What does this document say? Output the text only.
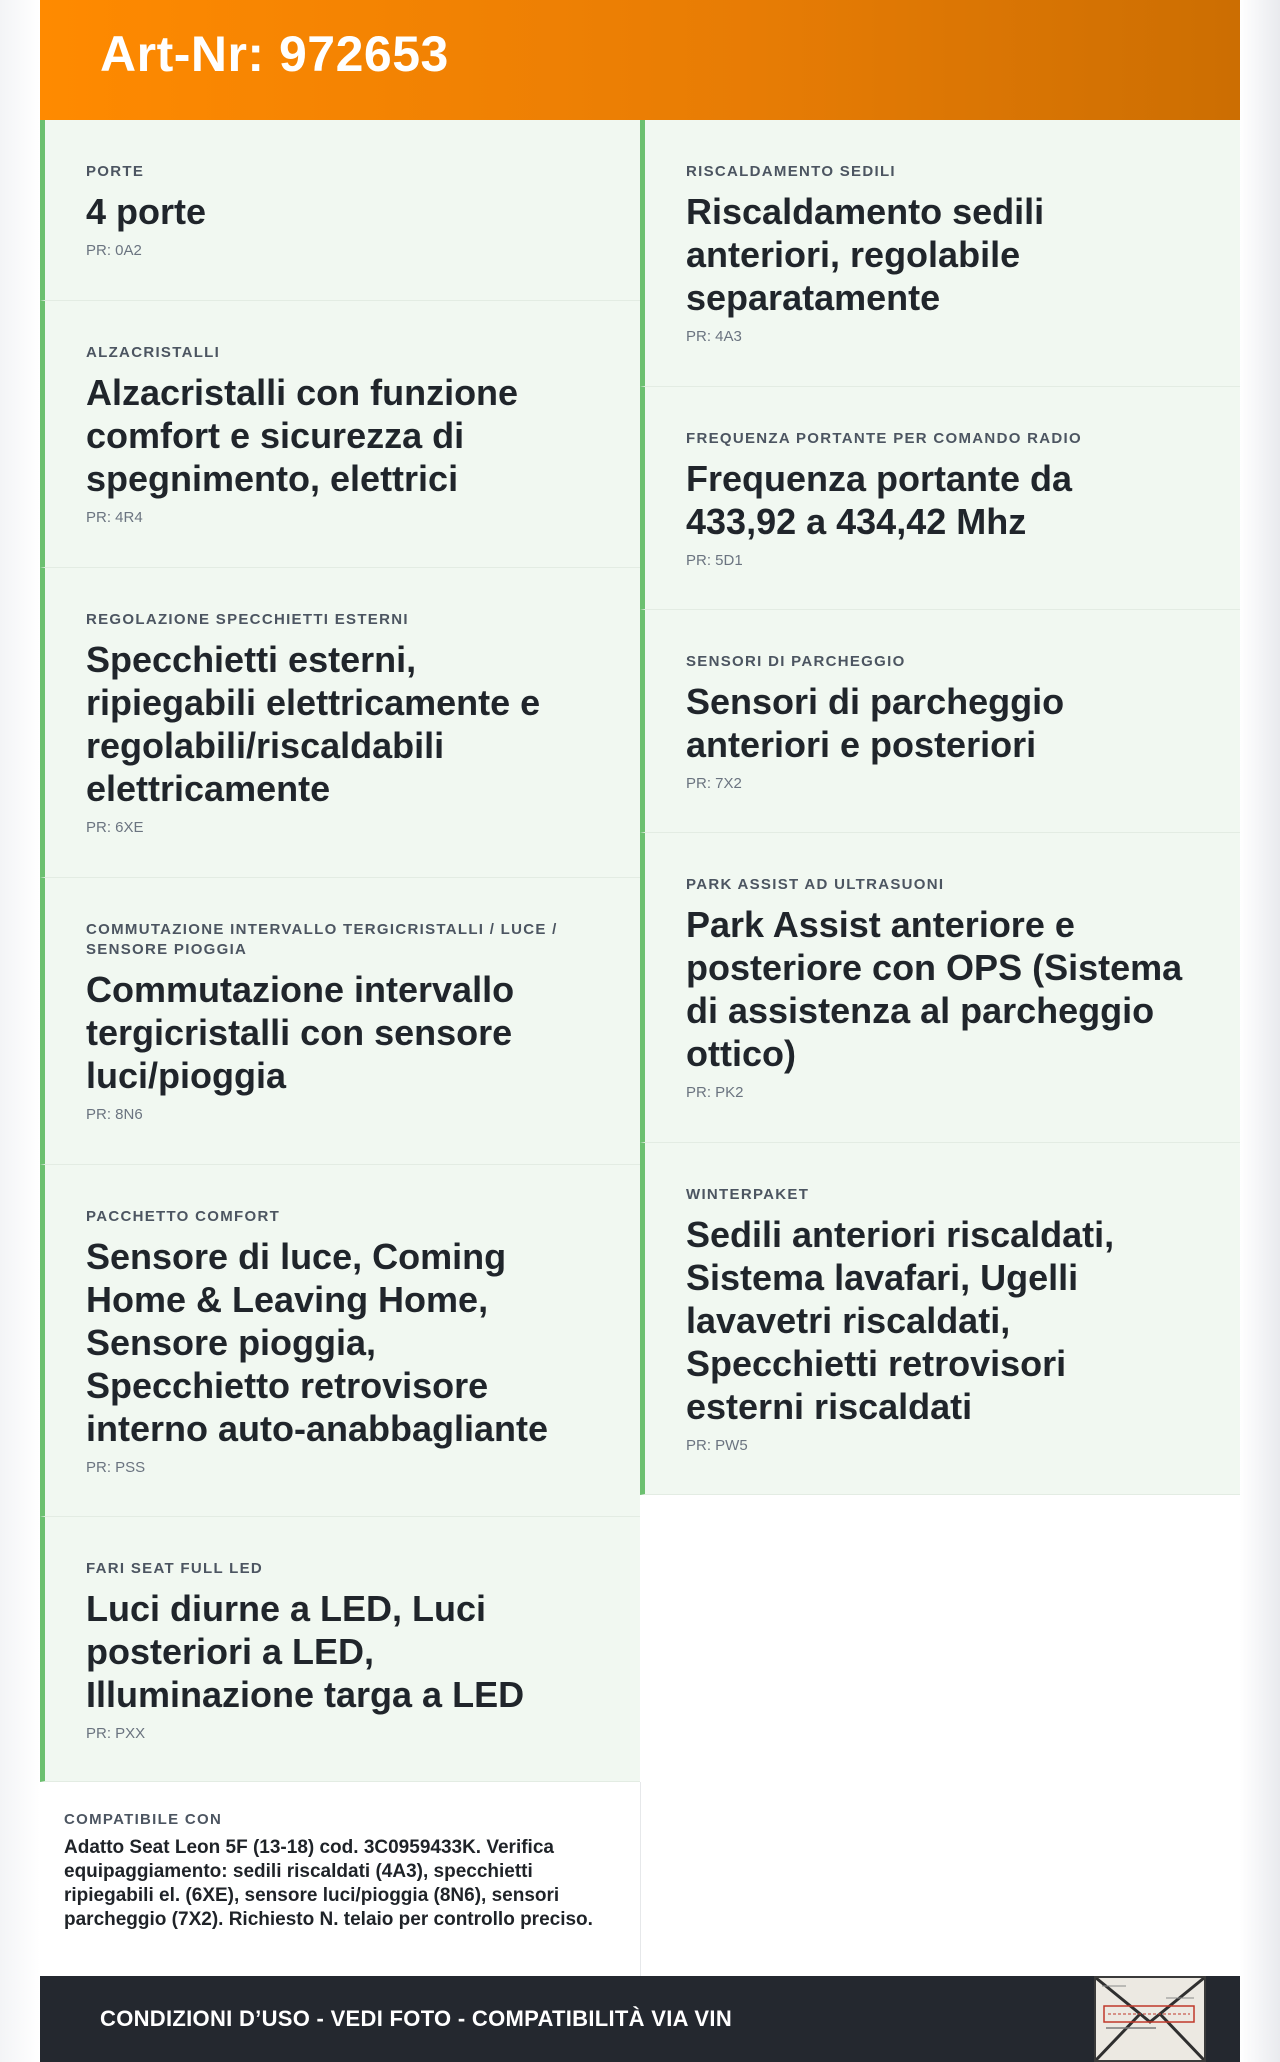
Art-Nr: 972653
PORTE
4 porte
PR: 0A2
ALZACRISTALLI
Alzacristalli con funzione comfort e sicurezza di spegnimento, elettrici
PR: 4R4
REGOLAZIONE SPECCHIETTI ESTERNI
Specchietti esterni, ripiegabili elettricamente e regolabili/riscaldabili elettricamente
PR: 6XE
COMMUTAZIONE INTERVALLO TERGICRISTALLI / LUCE / SENSORE PIOGGIA
Commutazione intervallo tergicristalli con sensore luci/pioggia
PR: 8N6
PACCHETTO COMFORT
Sensore di luce, Coming Home & Leaving Home, Sensore pioggia, Specchietto retrovisore interno auto-anabbagliante
PR: PSS
FARI SEAT FULL LED
Luci diurne a LED, Luci posteriori a LED, Illuminazione targa a LED
PR: PXX
RISCALDAMENTO SEDILI
Riscaldamento sedili anteriori, regolabile separatamente
PR: 4A3
FREQUENZA PORTANTE PER COMANDO RADIO
Frequenza portante da 433,92 a 434,42 Mhz
PR: 5D1
SENSORI DI PARCHEGGIO
Sensori di parcheggio anteriori e posteriori
PR: 7X2
PARK ASSIST AD ULTRASUONI
Park Assist anteriore e posteriore con OPS (Sistema di assistenza al parcheggio ottico)
PR: PK2
WINTERPAKET
Sedili anteriori riscaldati, Sistema lavafari, Ugelli lavavetri riscaldati, Specchietti retrovisori esterni riscaldati
PR: PW5
COMPATIBILE CON
Adatto Seat Leon 5F (13-18) cod. 3C0959433K. Verifica equipaggiamento: sedili riscaldati (4A3), specchietti ripiegabili el. (6XE), sensore luci/pioggia (8N6), sensori parcheggio (7X2). Richiesto N. telaio per controllo preciso.
CONDIZIONI D’USO - VEDI FOTO - COMPATIBILITÀ VIA VIN
